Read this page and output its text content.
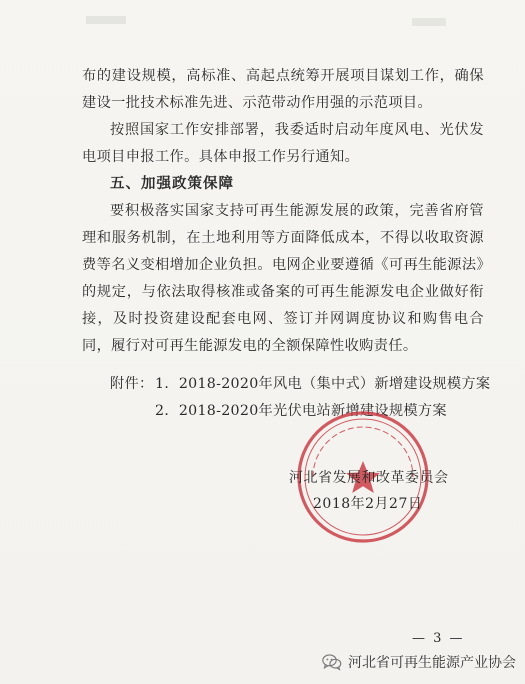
布的建设规模，高标准、高起点统筹开展项目谋划工作，确保建设一批技术标准先进、示范带动作用强的示范项目。

按照国家工作安排部署，我委适时启动年度风电、光伏发电项目申报工作。具体申报工作另行通知。

五、加强政策保障

要积极落实国家支持可再生能源发展的政策，完善省府管理和服务机制，在土地利用等方面降低成本，不得以收取资源费等名义变相增加企业负担。电网企业要遵循《可再生能源法》的规定，与依法取得核准或备案的可再生能源发电企业做好衔接，及时投资建设配套电网、签订并网调度协议和购售电合同，履行对可再生能源发电的全额保障性收购责任。

附件： 1．2018-2020年风电（集中式）新增建设规模方案
2．2018-2020年光伏电站新增建设规模方案
河北省发展和改革委员会
2018年2月27日
— 3 —
河北省可再生能源产业协会
